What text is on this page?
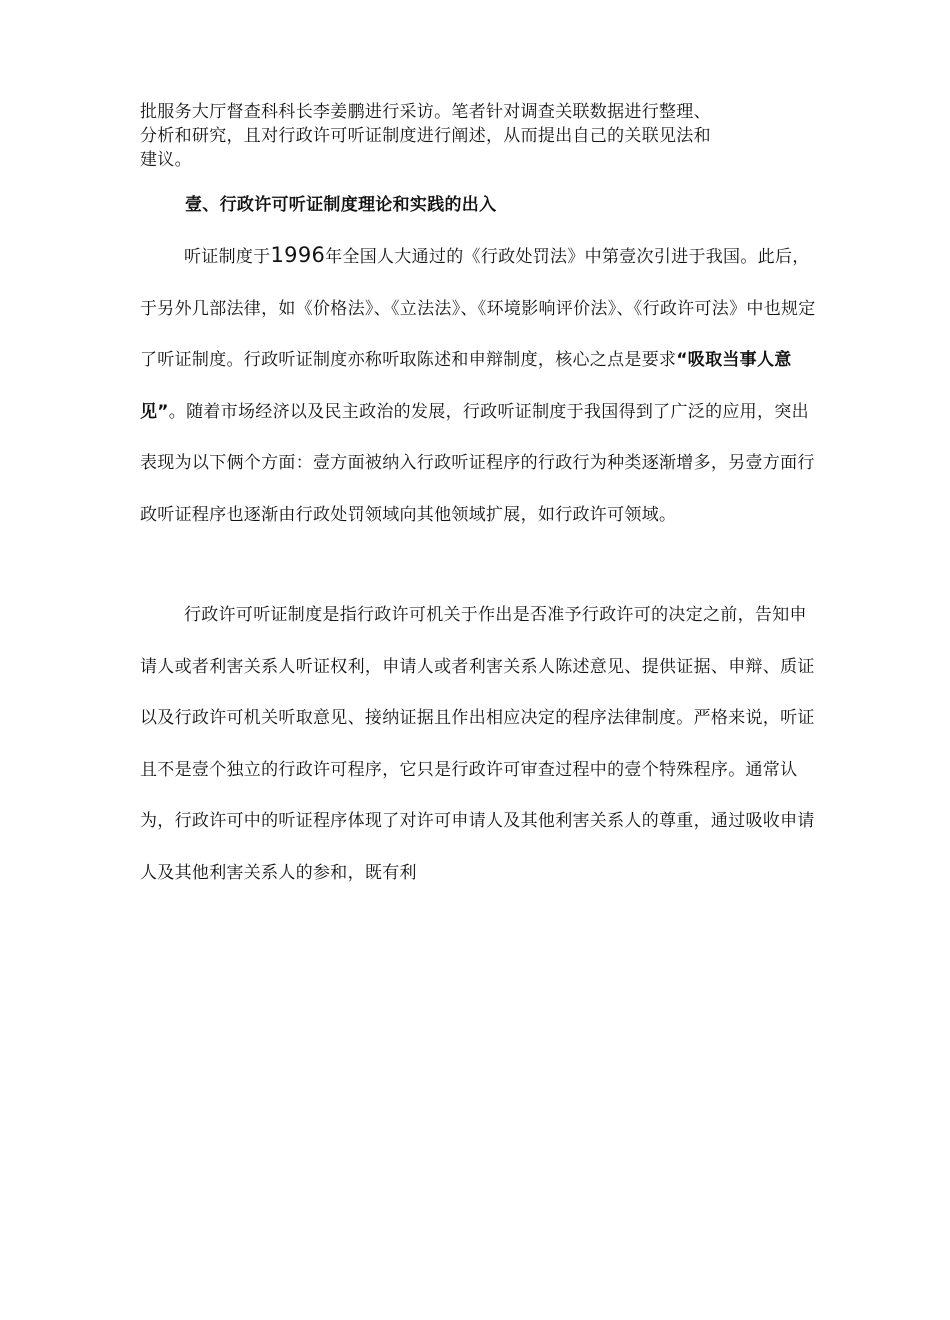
批服务大厅督查科科长李姜鹏进行采访。笔者针对调查关联数据进行整理、
分析和研究，且对行政许可听证制度进行阐述，从而提出自己的关联见法和
建议。
壹、行政许可听证制度理论和实践的出入

听证制度于1996年全国人大通过的《行政处罚法》中第壹次引进于我国。此后，于另外几部法律，如《价格法》、《立法法》、《环境影响评价法》、《行政许可法》中也规定了听证制度。行政听证制度亦称听取陈述和申辩制度，核心之点是要求“吸取当事人意见”。随着市场经济以及民主政治的发展，行政听证制度于我国得到了广泛的应用，突出表现为以下俩个方面：壹方面被纳入行政听证程序的行政行为种类逐渐增多，另壹方面行政听证程序也逐渐由行政处罚领域向其他领域扩展，如行政许可领域。

行政许可听证制度是指行政许可机关于作出是否准予行政许可的决定之前，告知申请人或者利害关系人听证权利，申请人或者利害关系人陈述意见、提供证据、申辩、质证以及行政许可机关听取意见、接纳证据且作出相应决定的程序法律制度。严格来说，听证且不是壹个独立的行政许可程序，它只是行政许可审查过程中的壹个特殊程序。通常认为，行政许可中的听证程序体现了对许可申请人及其他利害关系人的尊重，通过吸收申请人及其他利害关系人的参和，既有利
